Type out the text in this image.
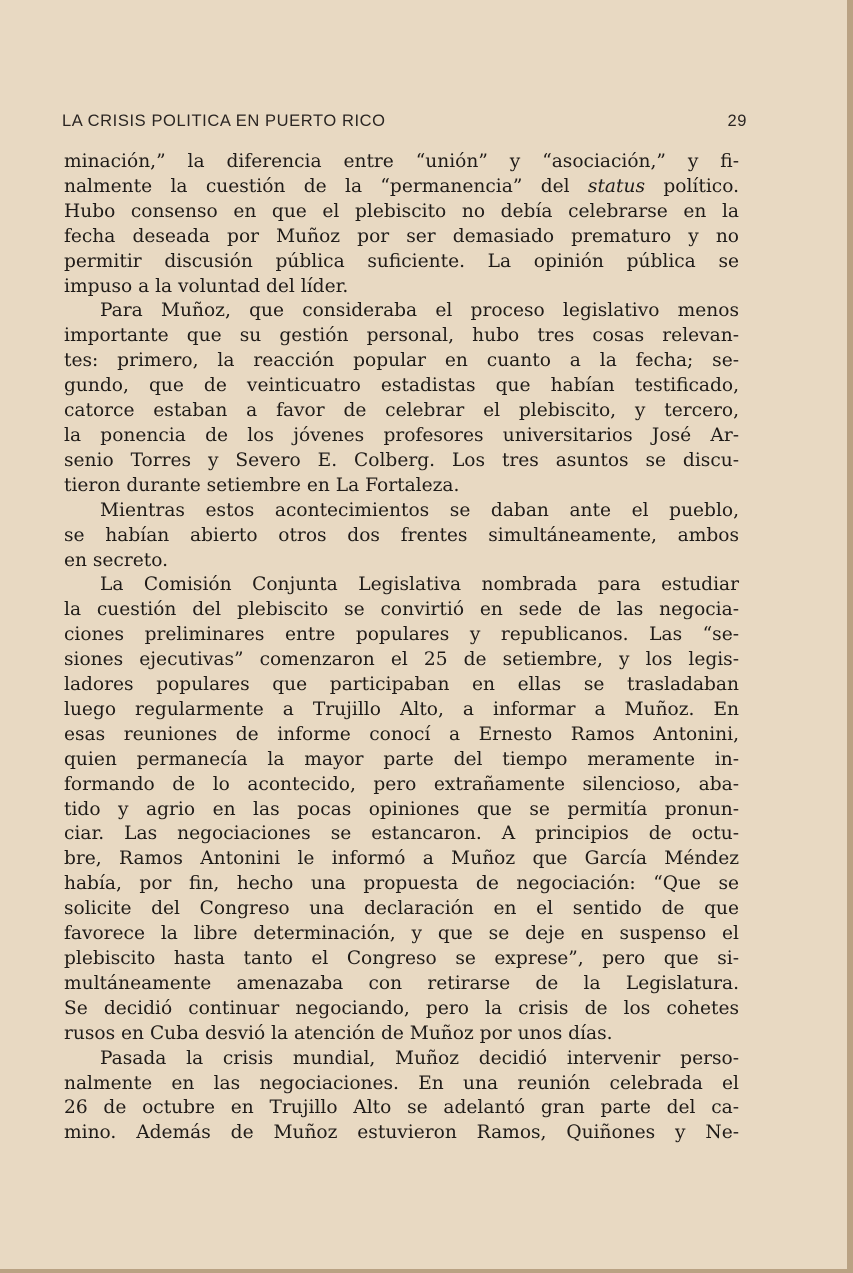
LA CRISIS POLITICA EN PUERTO RICO	29
minación,” la diferencia entre “unión” y “asociación,” y fi-
nalmente la cuestión de la “permanencia” del status político.
Hubo consenso en que el plebiscito no debía celebrarse en la
fecha deseada por Muñoz por ser demasiado prematuro y no
permitir discusión pública suficiente. La opinión pública se
impuso a la voluntad del líder.
Para Muñoz, que consideraba el proceso legislativo menos
importante que su gestión personal, hubo tres cosas relevan-
tes: primero, la reacción popular en cuanto a la fecha; se-
gundo, que de veinticuatro estadistas que habían testificado,
catorce estaban a favor de celebrar el plebiscito, y tercero,
la ponencia de los jóvenes profesores universitarios José Ar-
senio Torres y Severo E. Colberg. Los tres asuntos se discu-
tieron durante setiembre en La Fortaleza.
Mientras estos acontecimientos se daban ante el pueblo,
se habían abierto otros dos frentes simultáneamente, ambos
en secreto.
La Comisión Conjunta Legislativa nombrada para estudiar
la cuestión del plebiscito se convirtió en sede de las negocia-
ciones preliminares entre populares y republicanos. Las “se-
siones ejecutivas” comenzaron el 25 de setiembre, y los legis-
ladores populares que participaban en ellas se trasladaban
luego regularmente a Trujillo Alto, a informar a Muñoz. En
esas reuniones de informe conocí a Ernesto Ramos Antonini,
quien permanecía la mayor parte del tiempo meramente in-
formando de lo acontecido, pero extrañamente silencioso, aba-
tido y agrio en las pocas opiniones que se permitía pronun-
ciar. Las negociaciones se estancaron. A principios de octu-
bre, Ramos Antonini le informó a Muñoz que García Méndez
había, por fin, hecho una propuesta de negociación: “Que se
solicite del Congreso una declaración en el sentido de que
favorece la libre determinación, y que se deje en suspenso el
plebiscito hasta tanto el Congreso se exprese”, pero que si-
multáneamente amenazaba con retirarse de la Legislatura.
Se decidió continuar negociando, pero la crisis de los cohetes
rusos en Cuba desvió la atención de Muñoz por unos días.
Pasada la crisis mundial, Muñoz decidió intervenir perso-
nalmente en las negociaciones. En una reunión celebrada el
26 de octubre en Trujillo Alto se adelantó gran parte del ca-
mino. Además de Muñoz estuvieron Ramos, Quiñones y Ne-
